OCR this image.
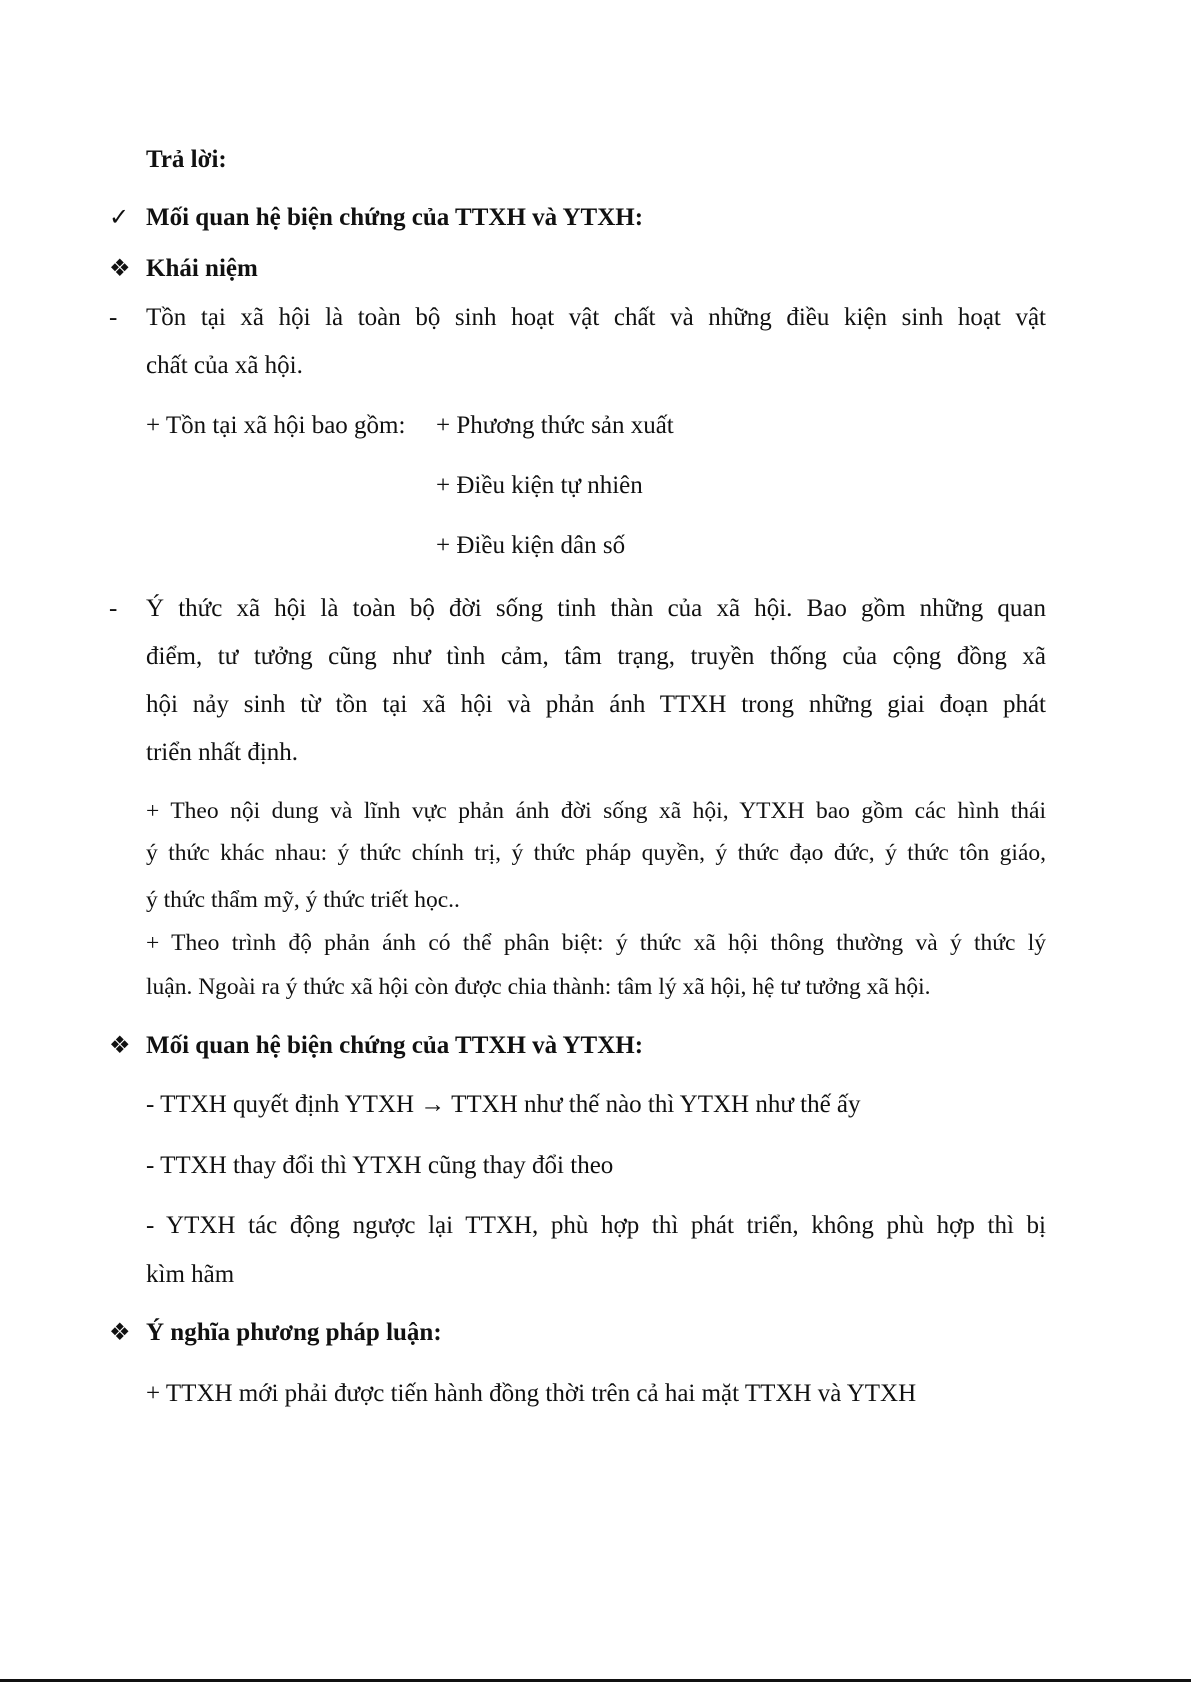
Trả lời:
✓ Mối quan hệ biện chứng của TTXH và YTXH:
❖ Khái niệm
- Tồn tại xã hội là toàn bộ sinh hoạt vật chất và những điều kiện sinh hoạt vật
chất của xã hội.
+ Tồn tại xã hội bao gồm: + Phương thức sản xuất
+ Điều kiện tự nhiên
+ Điều kiện dân số
- Ý thức xã hội là toàn bộ đời sống tinh thàn của xã hội. Bao gồm những quan
điểm, tư tưởng cũng như tình cảm, tâm trạng, truyền thống của cộng đồng xã
hội nảy sinh từ tồn tại xã hội và phản ánh TTXH trong những giai đoạn phát
triển nhất định.
+ Theo nội dung và lĩnh vực phản ánh đời sống xã hội, YTXH bao gồm các hình thái
ý thức khác nhau: ý thức chính trị, ý thức pháp quyền, ý thức đạo đức, ý thức tôn giáo,
ý thức thẩm mỹ, ý thức triết học..
+ Theo trình độ phản ánh có thể phân biệt: ý thức xã hội thông thường và ý thức lý
luận. Ngoài ra ý thức xã hội còn được chia thành: tâm lý xã hội, hệ tư tưởng xã hội.
❖ Mối quan hệ biện chứng của TTXH và YTXH:
- TTXH quyết định YTXH → TTXH như thế nào thì YTXH như thế ấy
- TTXH thay đổi thì YTXH cũng thay đổi theo
- YTXH tác động ngược lại TTXH, phù hợp thì phát triển, không phù hợp thì bị
kìm hãm
❖ Ý nghĩa phương pháp luận:
+ TTXH mới phải được tiến hành đồng thời trên cả hai mặt TTXH và YTXH
